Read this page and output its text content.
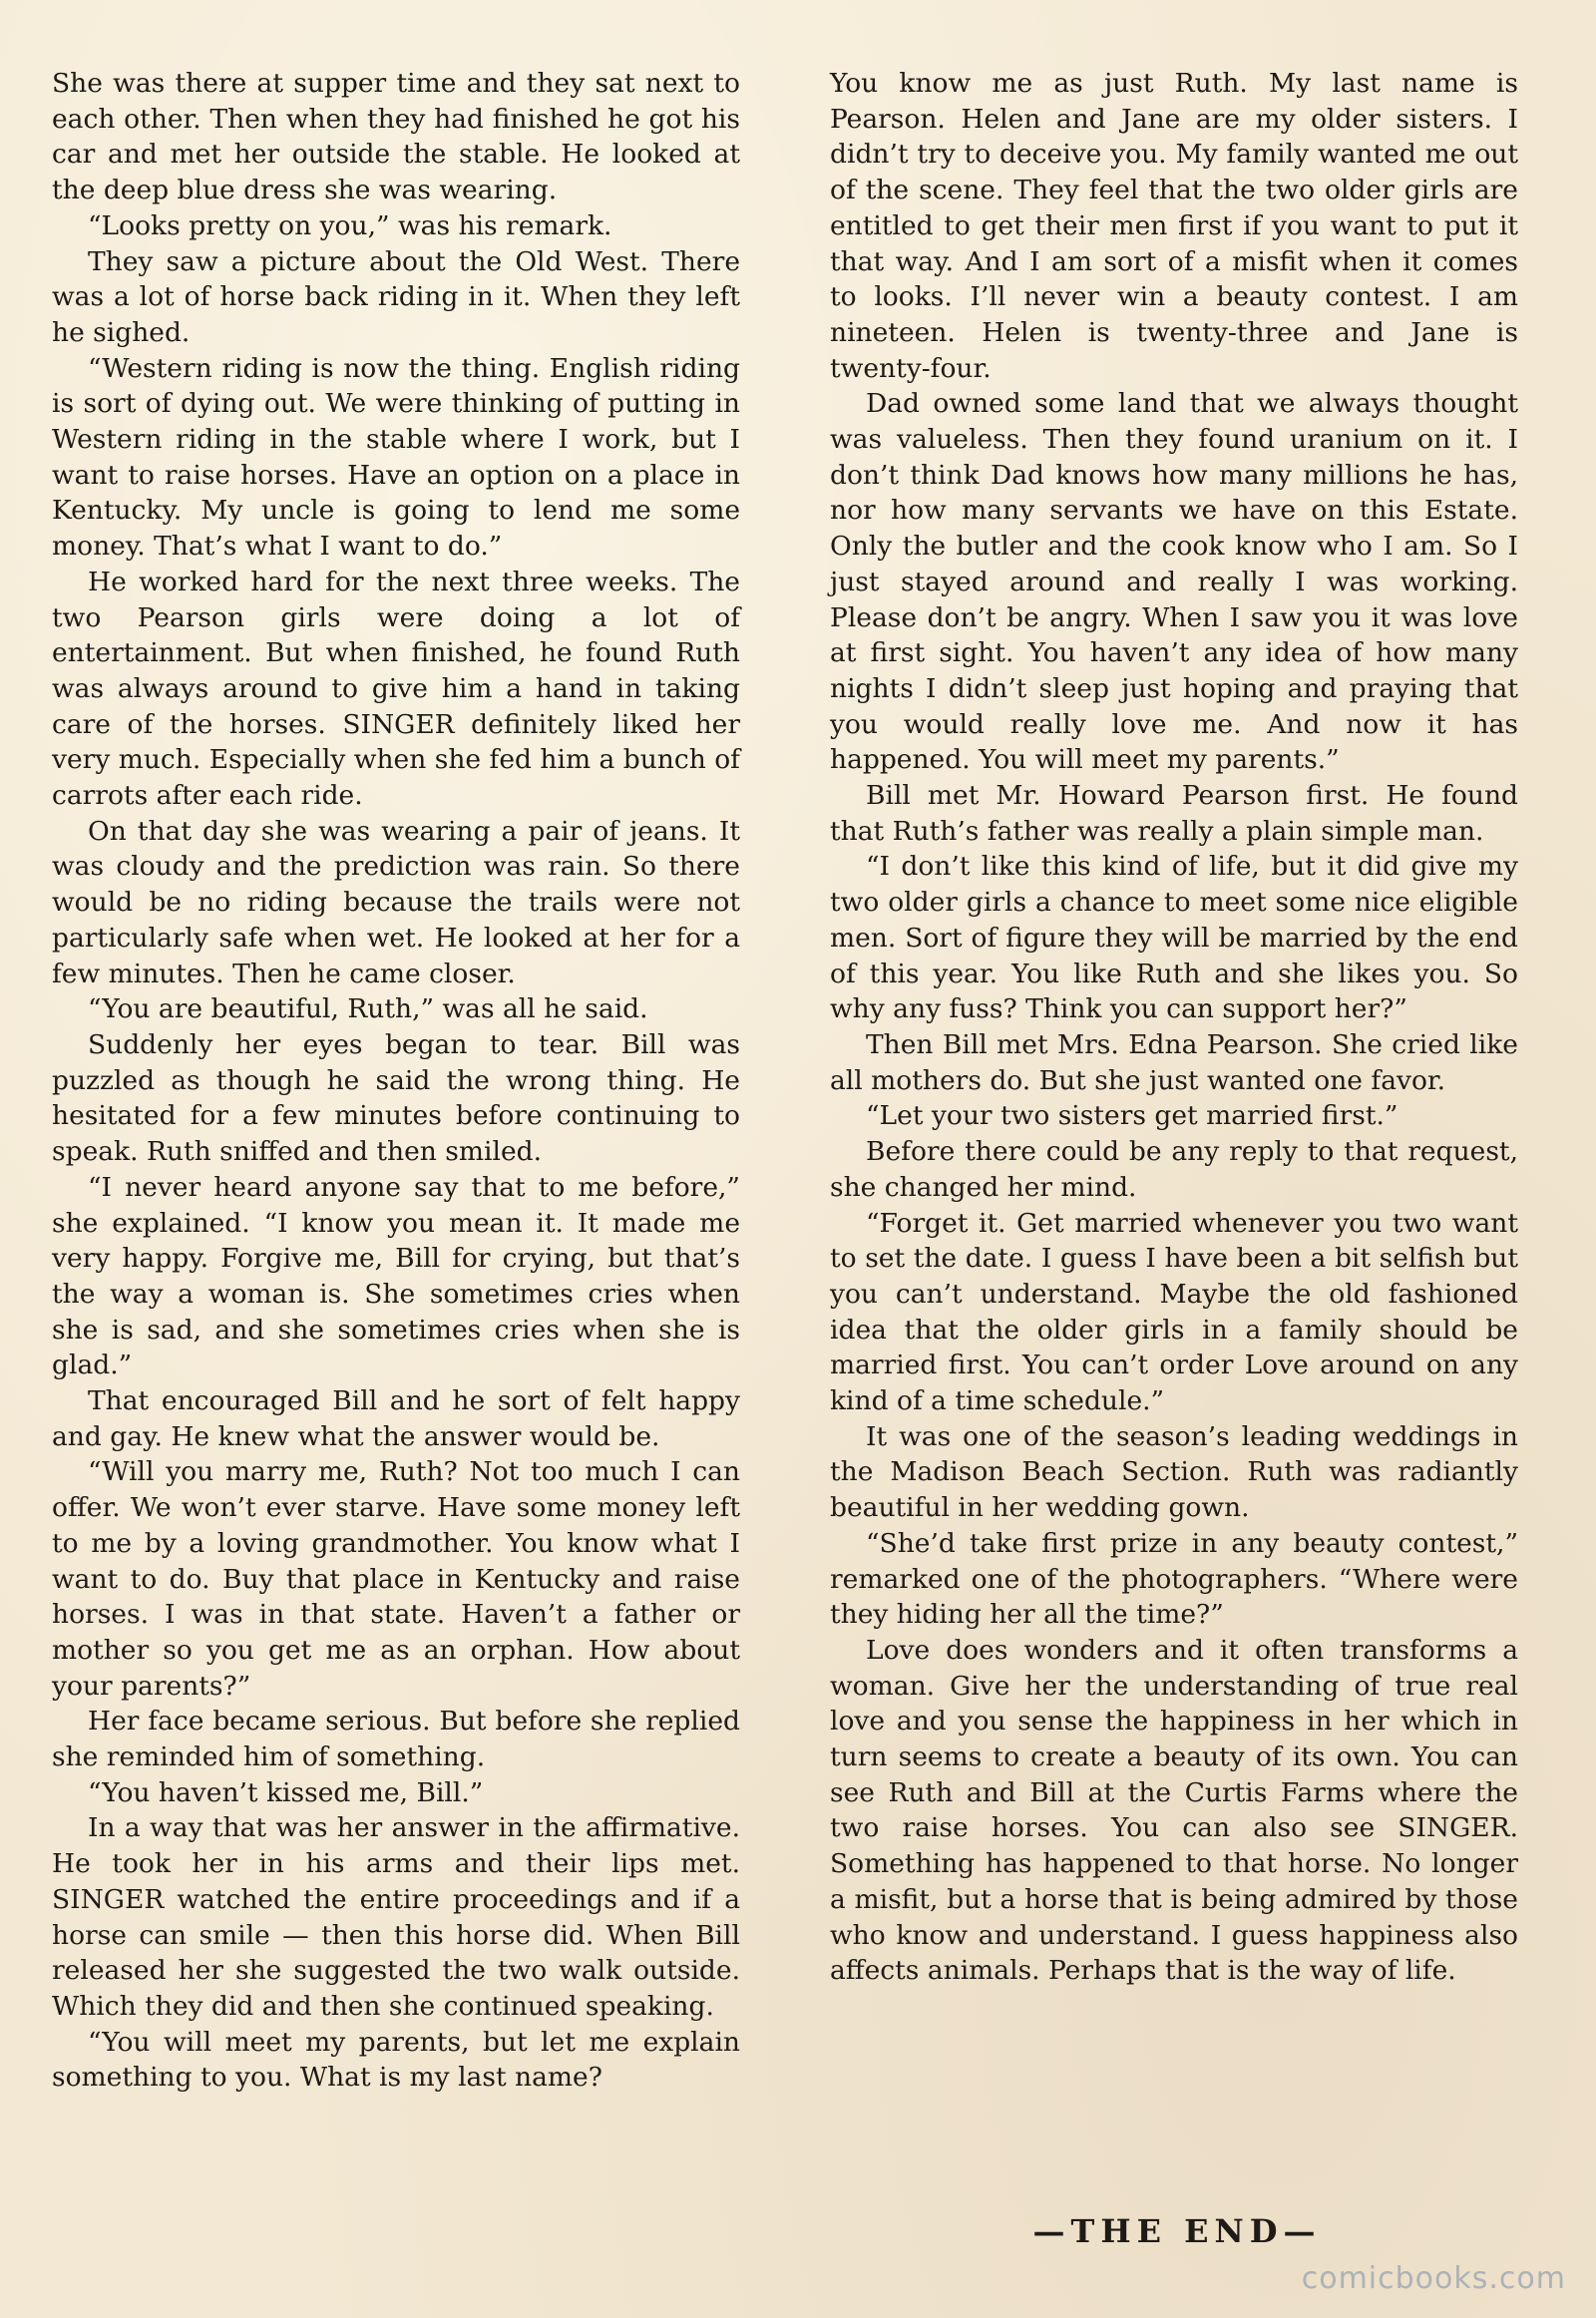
She was there at supper time and they sat next to each other. Then when they had finished he got his car and met her outside the stable. He looked at the deep blue dress she was wearing.

“Looks pretty on you,” was his remark.

They saw a picture about the Old West. There was a lot of horse back riding in it. When they left he sighed.

“Western riding is now the thing. English riding is sort of dying out. We were thinking of putting in Western riding in the stable where I work, but I want to raise horses. Have an option on a place in Kentucky. My uncle is going to lend me some money. That’s what I want to do.”

He worked hard for the next three weeks. The two Pearson girls were doing a lot of entertainment. But when finished, he found Ruth was always around to give him a hand in taking care of the horses. SINGER definitely liked her very much. Especially when she fed him a bunch of carrots after each ride.

On that day she was wearing a pair of jeans. It was cloudy and the prediction was rain. So there would be no riding because the trails were not particularly safe when wet. He looked at her for a few minutes. Then he came closer.

“You are beautiful, Ruth,” was all he said.

Suddenly her eyes began to tear. Bill was puzzled as though he said the wrong thing. He hesitated for a few minutes before continuing to speak. Ruth sniffed and then smiled.

“I never heard anyone say that to me before,” she explained. “I know you mean it. It made me very happy. Forgive me, Bill for crying, but that’s the way a woman is. She sometimes cries when she is sad, and she sometimes cries when she is glad.”

That encouraged Bill and he sort of felt happy and gay. He knew what the answer would be.

“Will you marry me, Ruth? Not too much I can offer. We won’t ever starve. Have some money left to me by a loving grandmother. You know what I want to do. Buy that place in Kentucky and raise horses. I was in that state. Haven’t a father or mother so you get me as an orphan. How about your parents?”

Her face became serious. But before she replied she reminded him of something.

“You haven’t kissed me, Bill.”

In a way that was her answer in the affirmative. He took her in his arms and their lips met. SINGER watched the entire proceedings and if a horse can smile — then this horse did. When Bill released her she suggested the two walk outside. Which they did and then she continued speaking.

“You will meet my parents, but let me explain something to you. What is my last name?

You know me as just Ruth. My last name is Pearson. Helen and Jane are my older sisters. I didn’t try to deceive you. My family wanted me out of the scene. They feel that the two older girls are entitled to get their men first if you want to put it that way. And I am sort of a misfit when it comes to looks. I’ll never win a beauty contest. I am nineteen. Helen is twenty-three and Jane is twenty-four.

Dad owned some land that we always thought was valueless. Then they found uranium on it. I don’t think Dad knows how many millions he has, nor how many servants we have on this Estate. Only the butler and the cook know who I am. So I just stayed around and really I was working. Please don’t be angry. When I saw you it was love at first sight. You haven’t any idea of how many nights I didn’t sleep just hoping and praying that you would really love me. And now it has happened. You will meet my parents.”

Bill met Mr. Howard Pearson first. He found that Ruth’s father was really a plain simple man.

“I don’t like this kind of life, but it did give my two older girls a chance to meet some nice eligible men. Sort of figure they will be married by the end of this year. You like Ruth and she likes you. So why any fuss? Think you can support her?”

Then Bill met Mrs. Edna Pearson. She cried like all mothers do. But she just wanted one favor.

“Let your two sisters get married first.”

Before there could be any reply to that request, she changed her mind.

“Forget it. Get married whenever you two want to set the date. I guess I have been a bit selfish but you can’t understand. Maybe the old fashioned idea that the older girls in a family should be married first. You can’t order Love around on any kind of a time schedule.”

It was one of the season’s leading weddings in the Madison Beach Section. Ruth was radiantly beautiful in her wedding gown.

“She’d take first prize in any beauty contest,” remarked one of the photographers. “Where were they hiding her all the time?”

Love does wonders and it often transforms a woman. Give her the understanding of true real love and you sense the happiness in her which in turn seems to create a beauty of its own. You can see Ruth and Bill at the Curtis Farms where the two raise horses. You can also see SINGER. Something has happened to that horse. No longer a misfit, but a horse that is being admired by those who know and understand. I guess happiness also affects animals. Perhaps that is the way of life.

—THE END—
comicbooks.com
